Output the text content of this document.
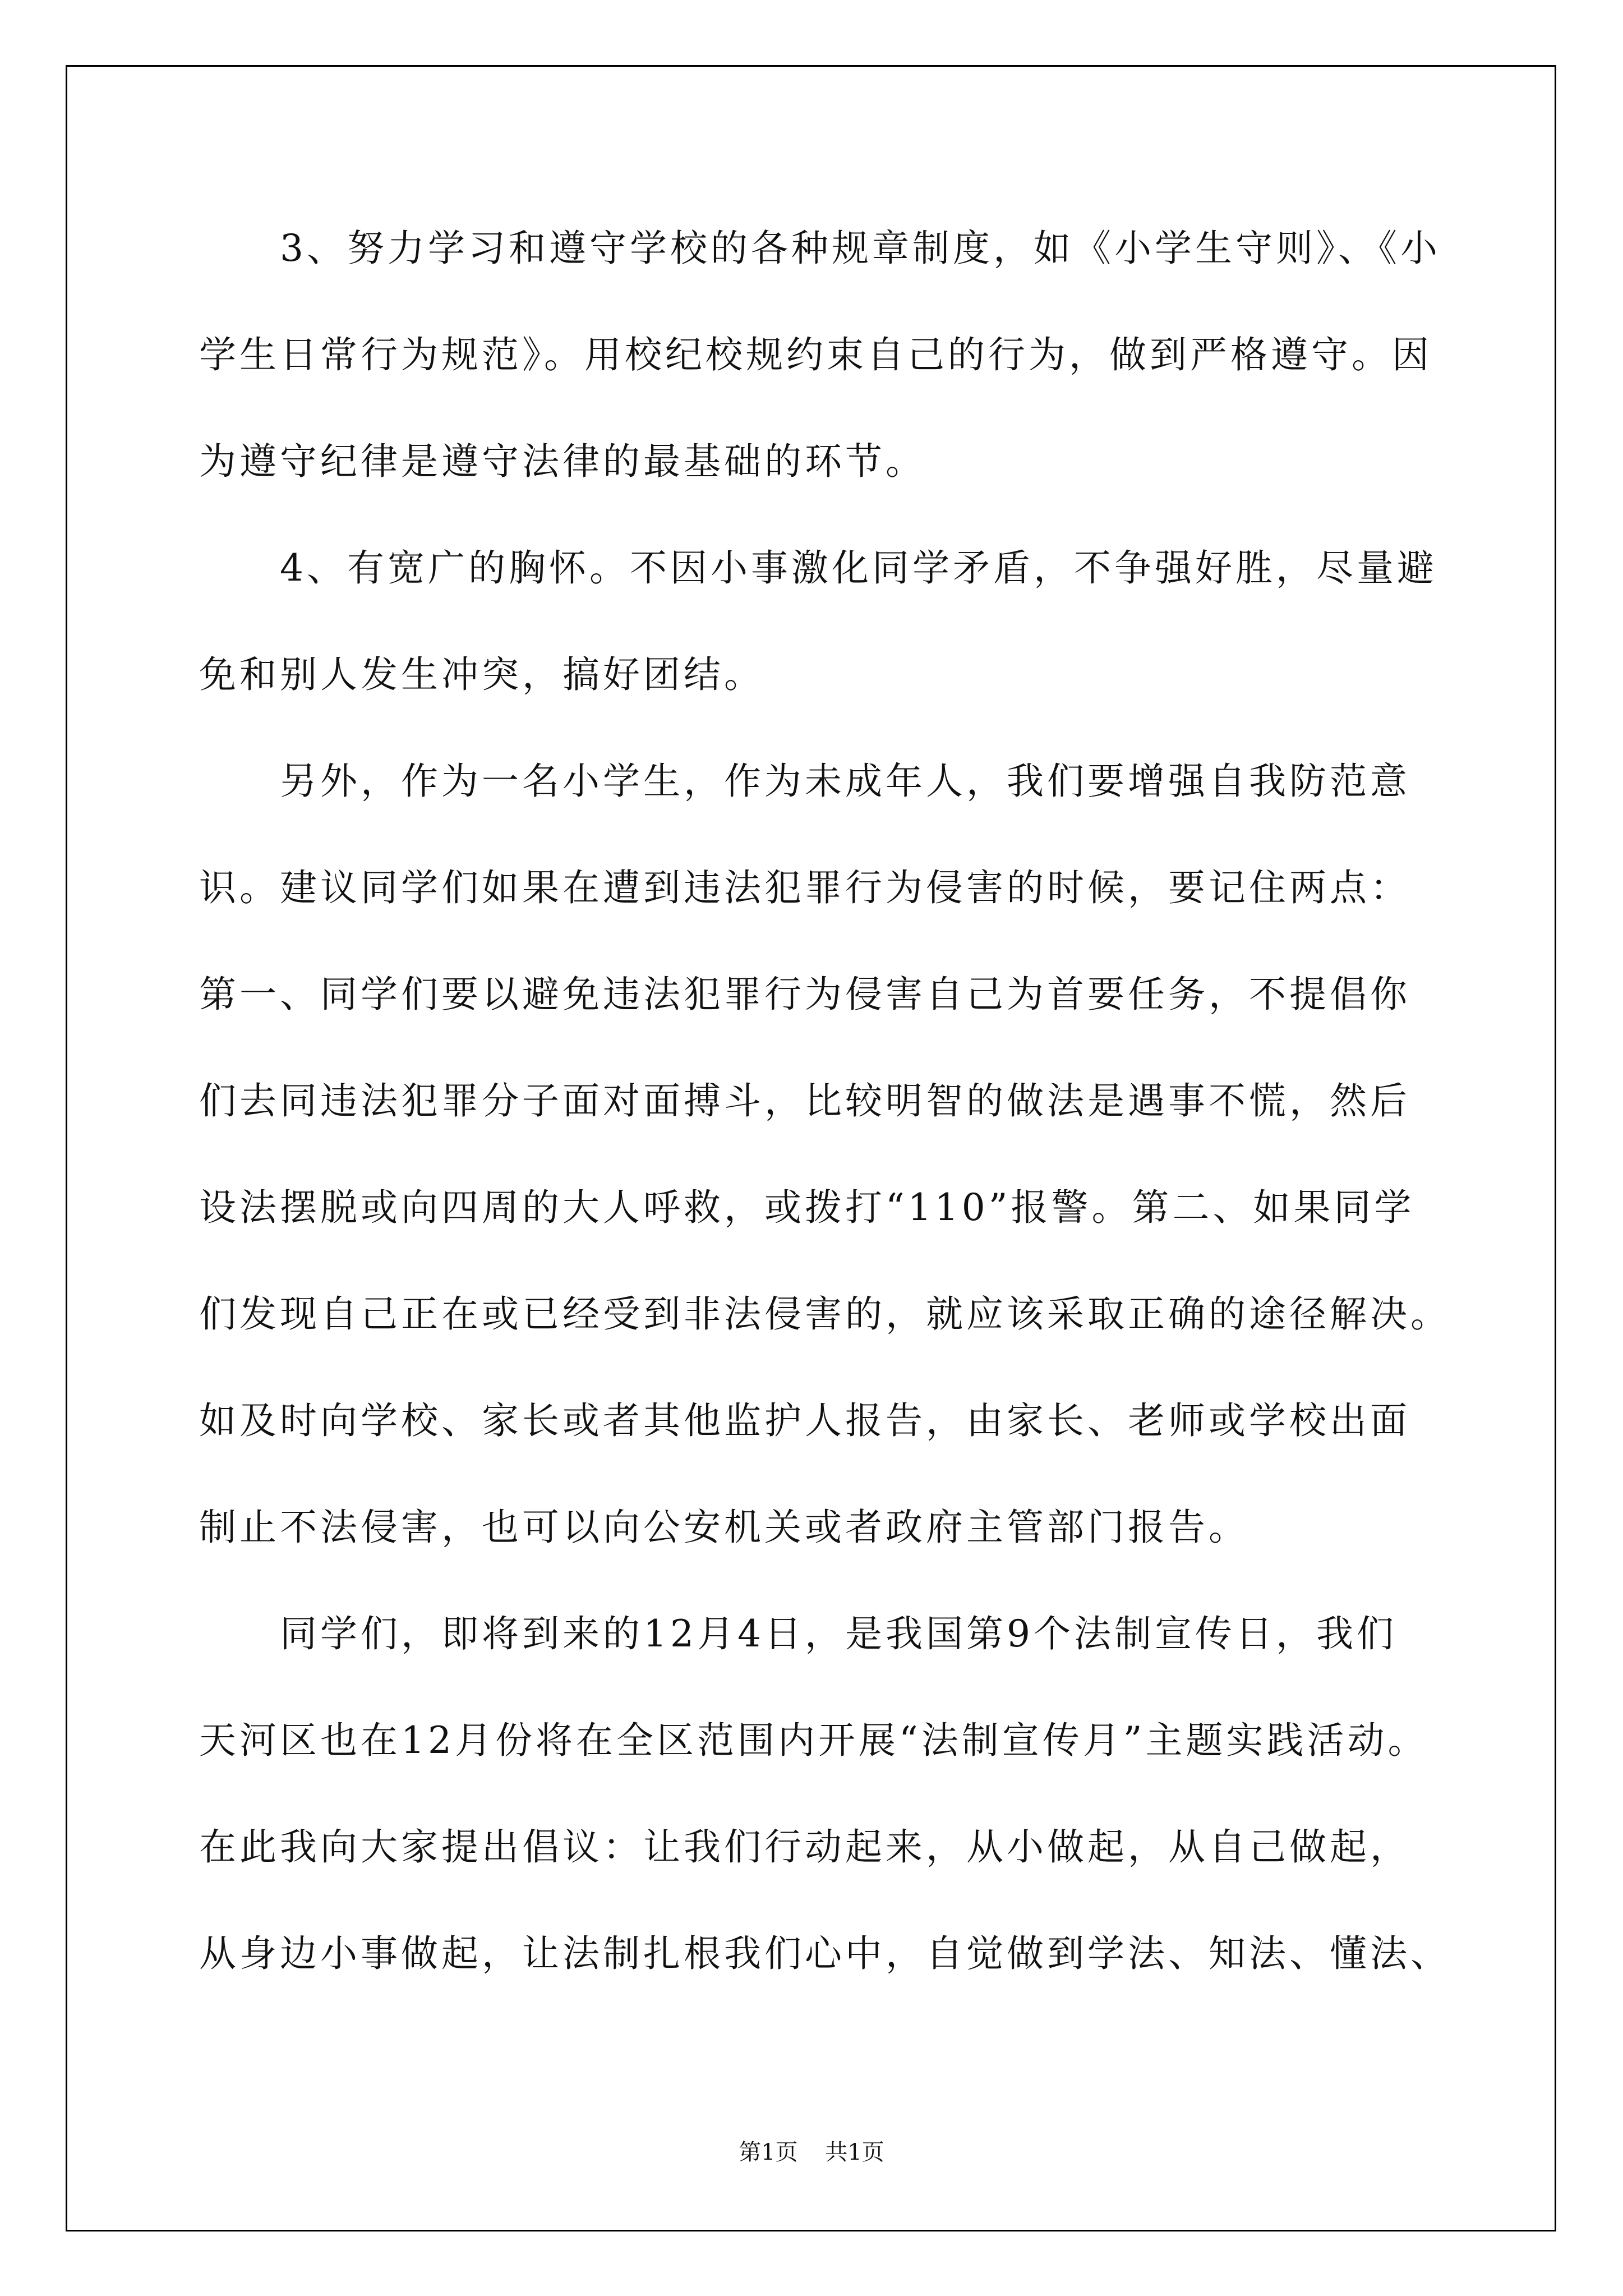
　　3、努力学习和遵守学校的各种规章制度，如《小学生守则》、《小
学生日常行为规范》。用校纪校规约束自己的行为，做到严格遵守。因
为遵守纪律是遵守法律的最基础的环节。
　　4、有宽广的胸怀。不因小事激化同学矛盾，不争强好胜，尽量避
免和别人发生冲突，搞好团结。
　　另外，作为一名小学生，作为未成年人，我们要增强自我防范意
识。建议同学们如果在遭到违法犯罪行为侵害的时候，要记住两点：
第一、同学们要以避免违法犯罪行为侵害自己为首要任务，不提倡你
们去同违法犯罪分子面对面搏斗，比较明智的做法是遇事不慌，然后
设法摆脱或向四周的大人呼救，或拨打“110”报警。第二、如果同学
们发现自己正在或已经受到非法侵害的，就应该采取正确的途径解决。
如及时向学校、家长或者其他监护人报告，由家长、老师或学校出面
制止不法侵害，也可以向公安机关或者政府主管部门报告。
　　同学们，即将到来的12月4日，是我国第9个法制宣传日，我们
天河区也在12月份将在全区范围内开展“法制宣传月”主题实践活动。
在此我向大家提出倡议：让我们行动起来，从小做起，从自己做起，
从身边小事做起，让法制扎根我们心中，自觉做到学法、知法、懂法、
第1页 共1页
